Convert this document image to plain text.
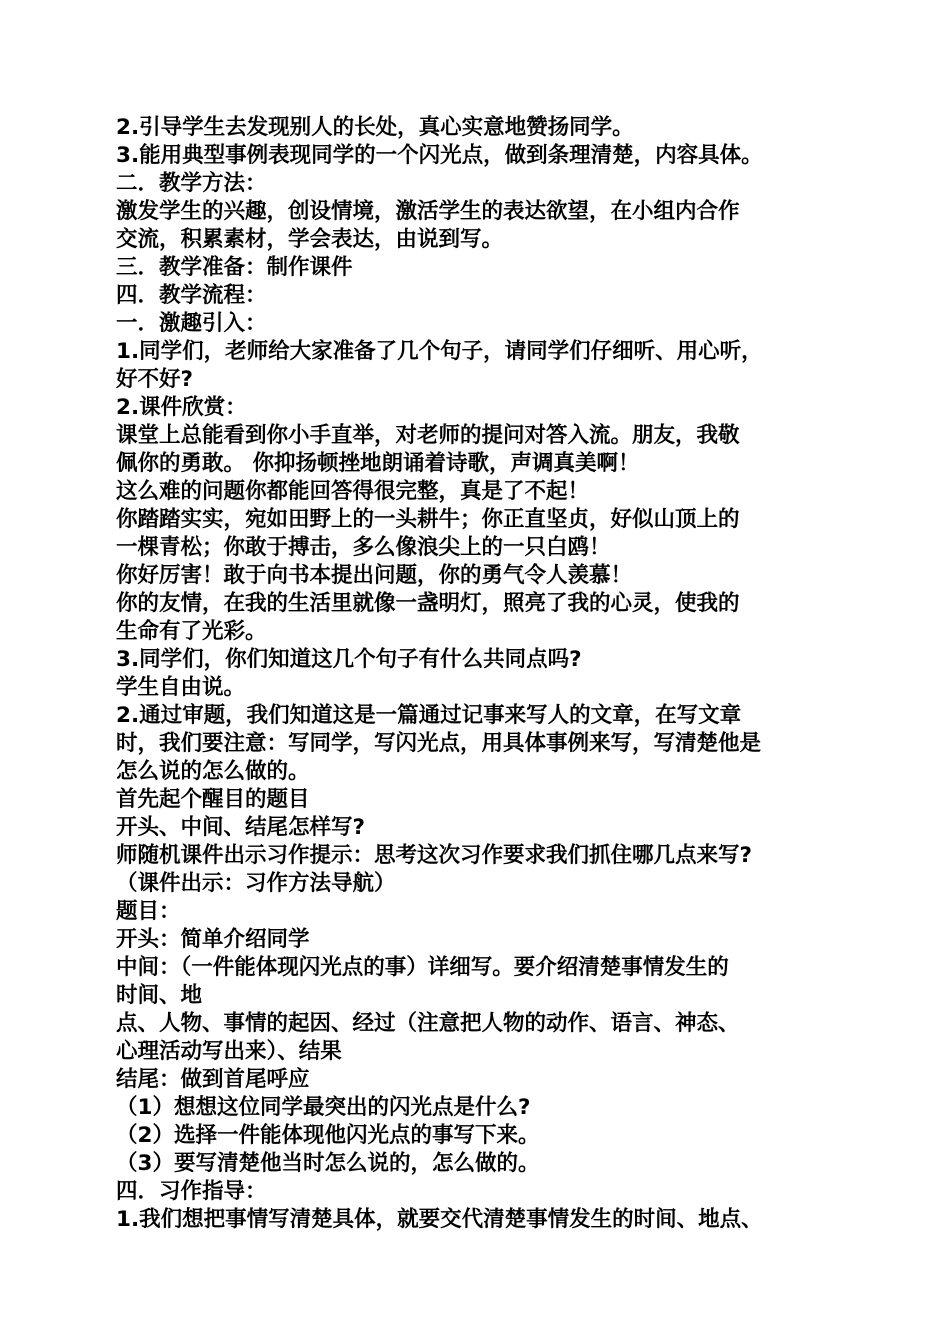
2.引导学生去发现别人的长处，真心实意地赞扬同学。
3.能用典型事例表现同学的一个闪光点，做到条理清楚，内容具体。
二．教学方法：
激发学生的兴趣，创设情境，激活学生的表达欲望，在小组内合作
交流，积累素材，学会表达，由说到写。
三．教学准备：制作课件
四．教学流程：
一．激趣引入：
1.同学们，老师给大家准备了几个句子，请同学们仔细听、用心听，
好不好?
2.课件欣赏：
课堂上总能看到你小手直举，对老师的提问对答入流。朋友，我敬
佩你的勇敢。 你抑扬顿挫地朗诵着诗歌，声调真美啊！
这么难的问题你都能回答得很完整，真是了不起！
你踏踏实实，宛如田野上的一头耕牛；你正直坚贞，好似山顶上的
一棵青松；你敢于搏击，多么像浪尖上的一只白鸥！
你好厉害！敢于向书本提出问题，你的勇气令人羡慕！
你的友情，在我的生活里就像一盏明灯，照亮了我的心灵，使我的
生命有了光彩。
3.同学们，你们知道这几个句子有什么共同点吗?
学生自由说。
2.通过审题，我们知道这是一篇通过记事来写人的文章，在写文章
时，我们要注意：写同学，写闪光点，用具体事例来写，写清楚他是
怎么说的怎么做的。
首先起个醒目的题目
开头、中间、结尾怎样写?
师随机课件出示习作提示：思考这次习作要求我们抓住哪几点来写?
（课件出示：习作方法导航）
题目：
开头：简单介绍同学
中间：（一件能体现闪光点的事）详细写。要介绍清楚事情发生的
时间、地
点、人物、事情的起因、经过（注意把人物的动作、语言、神态、
心理活动写出来）、结果
结尾：做到首尾呼应
（1）想想这位同学最突出的闪光点是什么?
（2）选择一件能体现他闪光点的事写下来。
（3）要写清楚他当时怎么说的，怎么做的。
四．习作指导：
1.我们想把事情写清楚具体，就要交代清楚事情发生的时间、地点、
